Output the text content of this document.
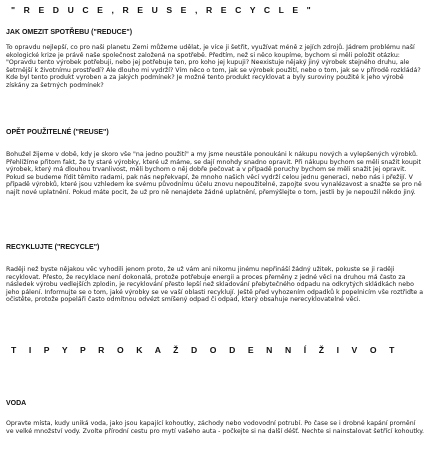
" R E D U C E , R E U S E , R E C Y C L E "
JAK OMEZIT SPOTŘEBU ("REDUCE")

To opravdu nejlepší, co pro naši planetu Zemi můžeme udělat, je více ji šetřit, využívat méně z jejích zdrojů. Jádrem problému naší ekologické krize je právě naše společnost založená na spotřebě. Předtím, než si něco koupíme, bychom si měli položit otázku: "Opravdu tento výrobek potřebuji, nebo jej potřebuje ten, pro koho jej kupuji? Neexistuje nějaký jiný výrobek stejného druhu, ale šetrnější k životnímu prostředí? Ale dlouho mi vydrží? Vím něco o tom, jak se výrobek použití, nebo o tom, jak se v přírodě rozkládá? Kde byl tento produkt vyroben a za jakých podmínek? Je možné tento produkt recyklovat a byly suroviny použité k jeho výrobě získány za šetrných podmínek?

OPĚT POUŽITELNÉ ("REUSE")

Bohužel žijeme v době, kdy je skoro vše "na jedno použití" a my jsme neustále ponoukáni k nákupu nových a vylepšených výrobků. Přehlížíme přitom fakt, že ty staré výrobky, které už máme, se dají mnohdy snadno opravit. Při nákupu bychom se měli snažit koupit výrobek, který má dlouhou trvanlivost, měli bychom o něj dobře pečovat a v případě poruchy bychom se měli snažit jej opravit. Pokud se budeme řídit těmito radami, pak nás nepřekvapí, že mnoho našich věcí vydrží celou jednu generaci, nebo nás i přežijí. V případě výrobků, které jsou vzhledem ke svému původnímu účelu znovu nepoužitelné, zapojte svou vynalézavost a snažte se pro ně najít nové uplatnění. Pokud máte pocit, že už pro ně nenajdete žádné uplatnění, přemýšlejte o tom, jestli by je nepoužil někdo jiný.

RECYKLUJTE ("RECYCLE")

Raději než byste nějakou věc vyhodili jenom proto, že už vám ani nikomu jinému nepřináší žádný užitek, pokuste se ji raději recyklovat. Přesto, že recyklace není dokonalá, protože potřebuje energii a proces přeměny z jedné věci na druhou má často za následek výrobu vedlejších zplodin, je recyklování přesto lepší než skladování přebytečného odpadu na odkrytých skládkách nebo jeho pálení. Informujte se o tom, jaké výrobky se ve vaší oblasti recyklují. Ještě před vyhozením odpadků k popelnicím vše roztřiďte a očistěte, protože popeláři často odmítnou odvézt smíšený odpad či odpad, který obsahuje nerecyklovatelné věci.

T I P Y P R O K A Ž D O D E N N Í Ž I V O T
VODA

Opravte místa, kudy uniká voda, jako jsou kapající kohoutky, záchody nebo vodovodní potrubí. Po čase se i drobné kapání promění ve velké množství vody. Zvolte přírodní cestu pro mytí vašeho auta - počkejte si na další déšť. Nechte si nainstalovat šetřící kohoutky.
